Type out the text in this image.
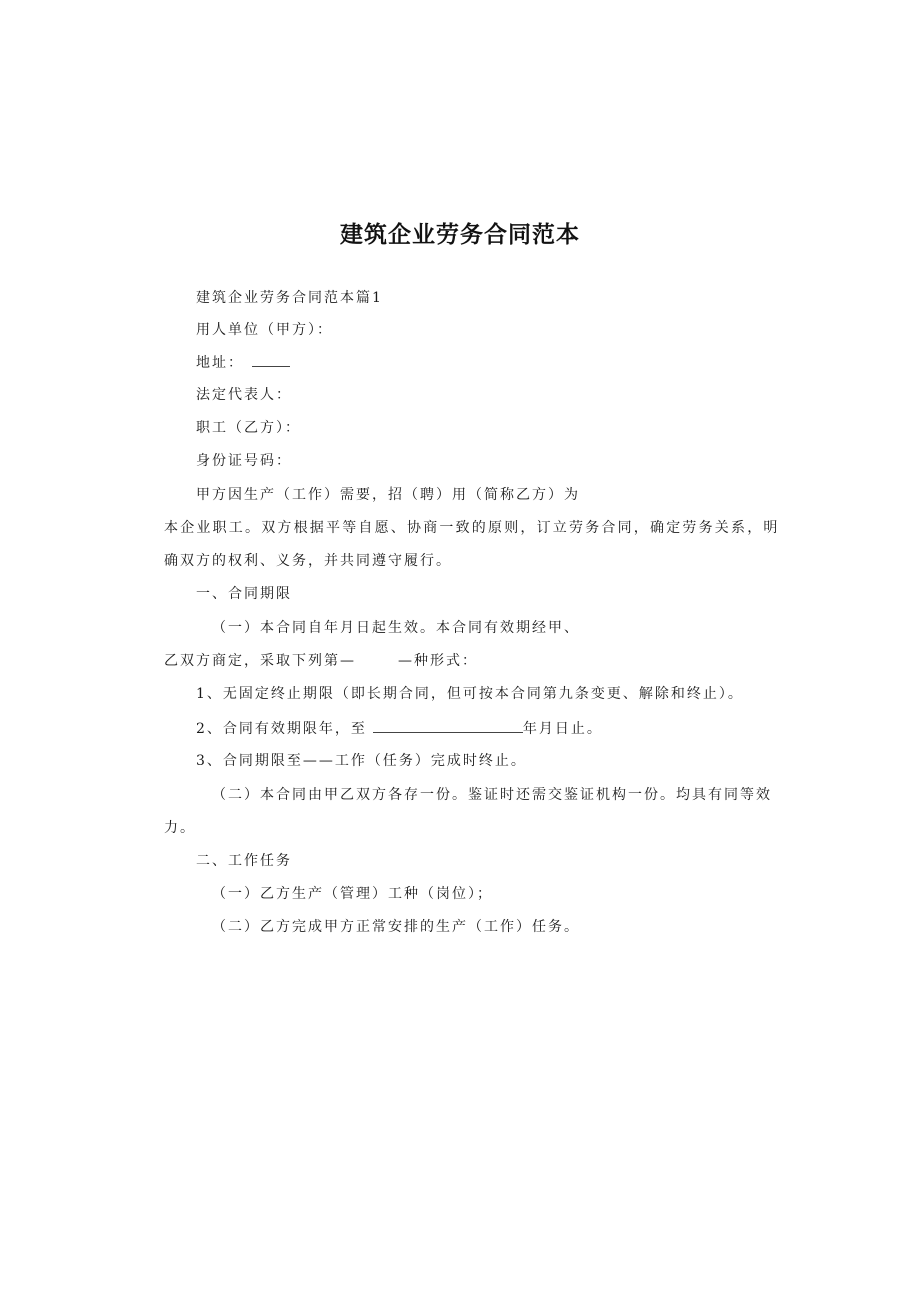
建筑企业劳务合同范本
建筑企业劳务合同范本篇1
用人单位（甲方）：
地址：
法定代表人：
职工（乙方）：
身份证号码：
甲方因生产（工作）需要，招（聘）用（简称乙方）为
本企业职工。双方根据平等自愿、协商一致的原则，订立劳务合同，确定劳务关系，明
确双方的权利、义务，并共同遵守履行。
一、合同期限
（一）本合同自年月日起生效。本合同有效期经甲、
乙双方商定，采取下列第—	—种形式：
1、无固定终止期限（即长期合同，但可按本合同第九条变更、解除和终止）。
2、合同有效期限年，至	年月日止。
3、合同期限至——工作（任务）完成时终止。
（二）本合同由甲乙双方各存一份。鉴证时还需交鉴证机构一份。均具有同等效
力。
二、工作任务
（一）乙方生产（管理）工种（岗位）；
（二）乙方完成甲方正常安排的生产（工作）任务。
